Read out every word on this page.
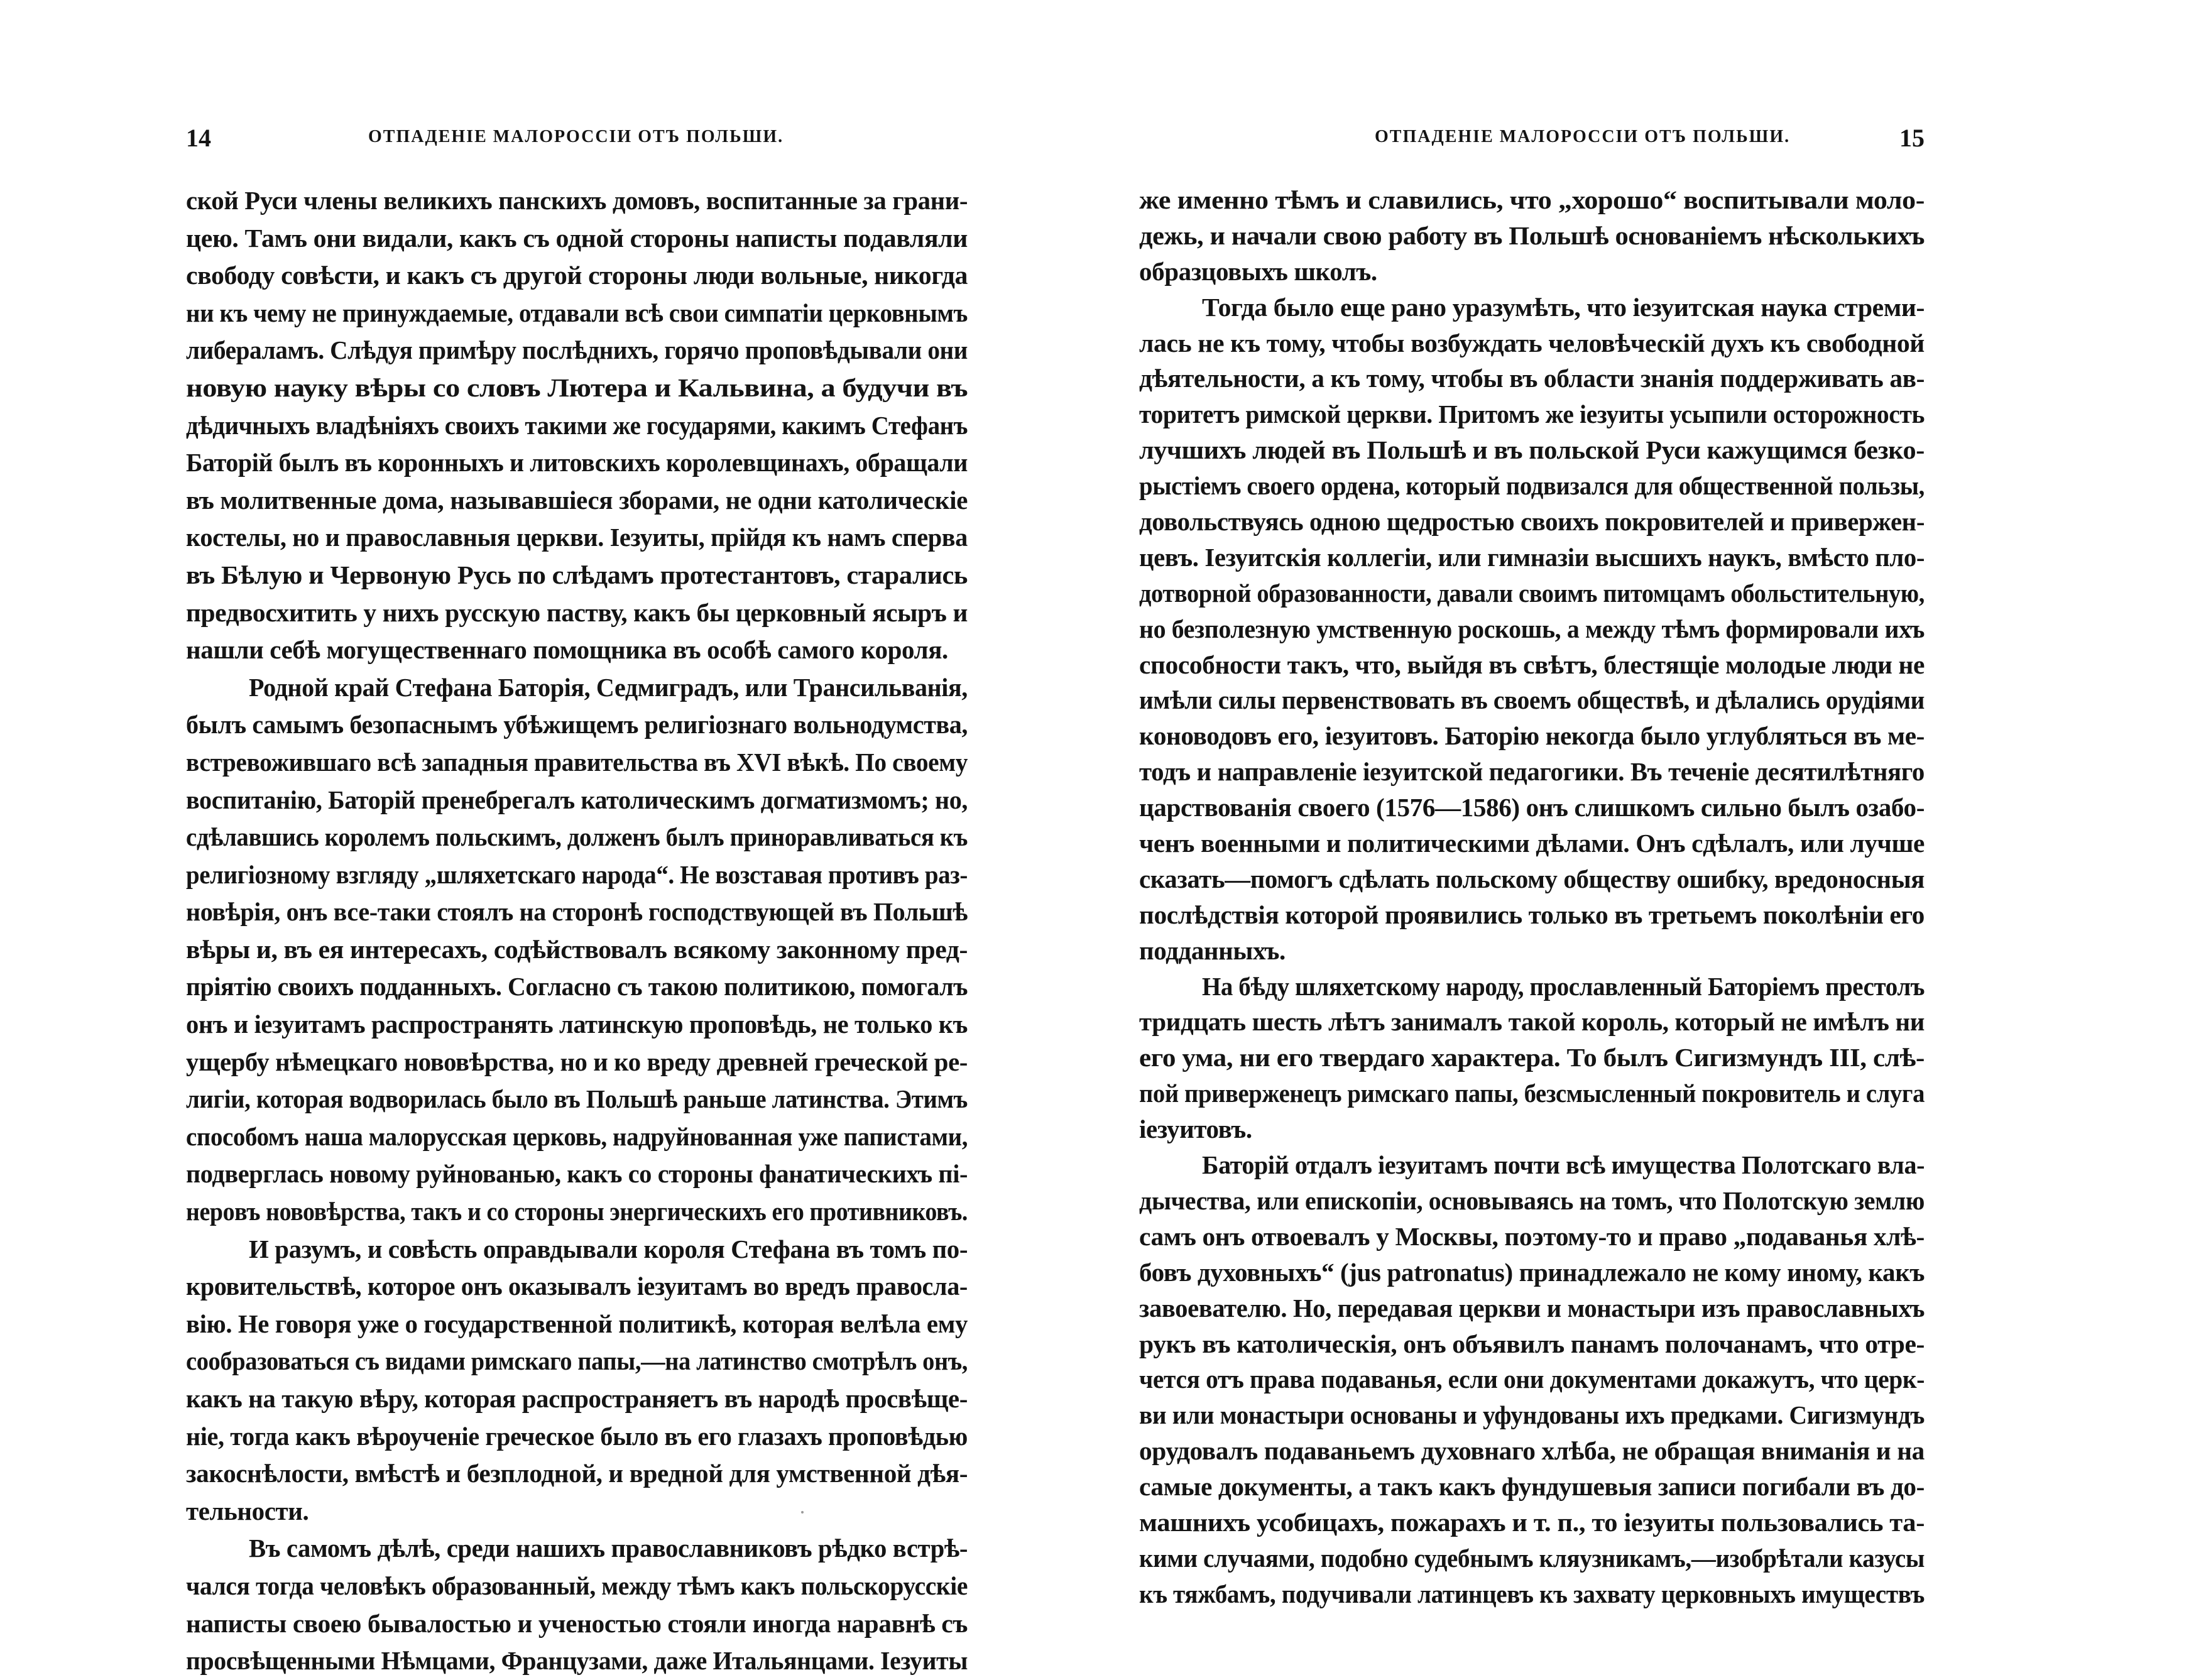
14	ОТПАДЕНІЕ МАЛОРОССІИ ОТЪ ПОЛЬШИ.
ской Руси члены великихъ панскихъ домовъ, воспитанные за грани-
цею. Тамъ они видали, какъ съ одной стороны написты подавляли
свободу совѣсти, и какъ съ другой стороны люди вольные, никогда
ни къ чему не принуждаемые, отдавали всѣ свои симпатіи церковнымъ
либераламъ. Слѣдуя примѣру послѣднихъ, горячо проповѣдывали они
новую науку вѣры со словъ Лютера и Кальвина, а будучи въ
дѣдичныхъ владѣніяхъ своихъ такими же государями, какимъ Стефанъ
Баторій былъ въ коронныхъ и литовскихъ королевщинахъ, обращали
въ молитвенные дома, называвшіеся зборами, не одни католическіе
костелы, но и православныя церкви. Іезуиты, прійдя къ намъ сперва
въ Бѣлую и Червоную Русь по слѣдамъ протестантовъ, старались
предвосхитить у нихъ русскую паству, какъ бы церковный ясыръ и
нашли себѣ могущественнаго помощника въ особѣ самого короля.
Родной край Стефана Баторія, Седмиградъ, или Трансильванія,
былъ самымъ безопаснымъ убѣжищемъ религіознаго вольнодумства,
встревожившаго всѣ западныя правительства въ XVI вѣкѣ. По своему
воспитанію, Баторій пренебрегалъ католическимъ догматизмомъ; но,
сдѣлавшись королемъ польскимъ, долженъ былъ приноравливаться къ
религіозному взгляду „шляхетскаго народа“. Не возставая противъ раз-
новѣрія, онъ все-таки стоялъ на сторонѣ господствующей въ Польшѣ
вѣры и, въ ея интересахъ, содѣйствовалъ всякому законному пред-
пріятію своихъ подданныхъ. Согласно съ такою политикою, помогалъ
онъ и іезуитамъ распространять латинскую проповѣдь, не только къ
ущербу нѣмецкаго нововѣрства, но и ко вреду древней греческой ре-
лигіи, которая водворилась было въ Польшѣ раньше латинства. Этимъ
способомъ наша малорусская церковь, надруйнованная уже папистами,
подверглась новому руйнованью, какъ со стороны фанатическихъ пі-
нерoвъ нововѣрства, такъ и со стороны энергическихъ его противниковъ.
И разумъ, и совѣсть оправдывали короля Стефана въ томъ по-
кровительствѣ, которое онъ оказывалъ іезуитамъ во вредъ правосла-
вію. Не говоря уже о государственной политикѣ, которая велѣла ему
сообразоваться съ видами римскаго папы,—на латинство смотрѣлъ онъ,
какъ на такую вѣру, которая распространяетъ въ народѣ просвѣще-
ніе, тогда какъ вѣроученіе греческое было въ его глазахъ проповѣдью
закоснѣлости, вмѣстѣ и безплодной, и вредной для умственной дѣя-
тельности.
Въ самомъ дѣлѣ, среди нашихъ православниковъ рѣдко встрѣ-
чался тогда человѣкъ образованный, между тѣмъ какъ польскорусскіе
написты своею бывалостью и ученостью стояли иногда наравнѣ съ
просвѣщенными Нѣмцами, Французами, даже Итальянцами. Іезуиты
ОТПАДЕНІЕ МАЛОРОССІИ ОТЪ ПОЛЬШИ.	15
же именно тѣмъ и славились, что „хорошо“ воспитывали моло-
дежь, и начали свою работу въ Польшѣ основаніемъ нѣсколькихъ
образцовыхъ школъ.
Тогда было еще рано уразумѣть, что іезуитская наука стреми-
лась не къ тому, чтобы возбуждать человѣческій духъ къ свободной
дѣятельности, а къ тому, чтобы въ области знанія поддерживать ав-
торитетъ римской церкви. Притомъ же іезуиты усыпили осторожность
лучшихъ людей въ Польшѣ и въ польской Руси кажущимся безко-
рыстіемъ своего ордена, который подвизался для общественной пользы,
довольствуясь одною щедростью своихъ покровителей и привержен-
цевъ. Іезуитскія коллегіи, или гимназіи высшихъ наукъ, вмѣсто пло-
дотворной образованности, давали своимъ питомцамъ обольстительную,
но безполезную умственную роскошь, а между тѣмъ формировали ихъ
способности такъ, что, выйдя въ свѣтъ, блестящіе молодые люди не
имѣли силы первенствовать въ своемъ обществѣ, и дѣлались орудіями
коноводовъ его, іезуитовъ. Баторію некогда было углубляться въ ме-
тодъ и направленіе іезуитской педагогики. Въ теченіе десятилѣтняго
царствованія своего (1576—1586) онъ слишкомъ сильно былъ озабо-
ченъ военными и политическими дѣлами. Онъ сдѣлалъ, или лучше
сказать—помогъ сдѣлать польскому обществу ошибку, вредоносныя
послѣдствія которой проявились только въ третьемъ поколѣніи его
подданныхъ.
На бѣду шляхетскому народу, прославленный Баторіемъ престолъ
тридцать шесть лѣтъ занималъ такой король, который не имѣлъ ни
его ума, ни его твердаго характера. То былъ Сигизмундъ III, слѣ-
пой приверженецъ римскаго папы, безсмысленный покровитель и слуга
іезуитовъ.
Баторій отдалъ іезуитамъ почти всѣ имущества Полотскаго вла-
дычества, или епископіи, основываясь на томъ, что Полотскую землю
самъ онъ отвоевалъ у Москвы, поэтому-то и право „подаванья хлѣ-
бовъ духовныхъ“ (jus patronatus) принадлежало не кому иному, какъ
завоевателю. Но, передавая церкви и монастыри изъ православныхъ
рукъ въ католическія, онъ объявилъ панамъ полочанамъ, что отре-
чется отъ права подаванья, если они документами докажутъ, что церк-
ви или монастыри основаны и уфундованы ихъ предками. Сигизмундъ
орудовалъ подаваньемъ духовнаго хлѣба, не обращая вниманія и на
самые документы, а такъ какъ фундушевыя записи погибали въ до-
машнихъ усобицахъ, пожарахъ и т. п., то іезуиты пользовались та-
кими случаями, подобно судебнымъ кляузникамъ,—изобрѣтали казусы
къ тяжбамъ, подучивали латинцевъ къ захвату церковныхъ имуществъ
